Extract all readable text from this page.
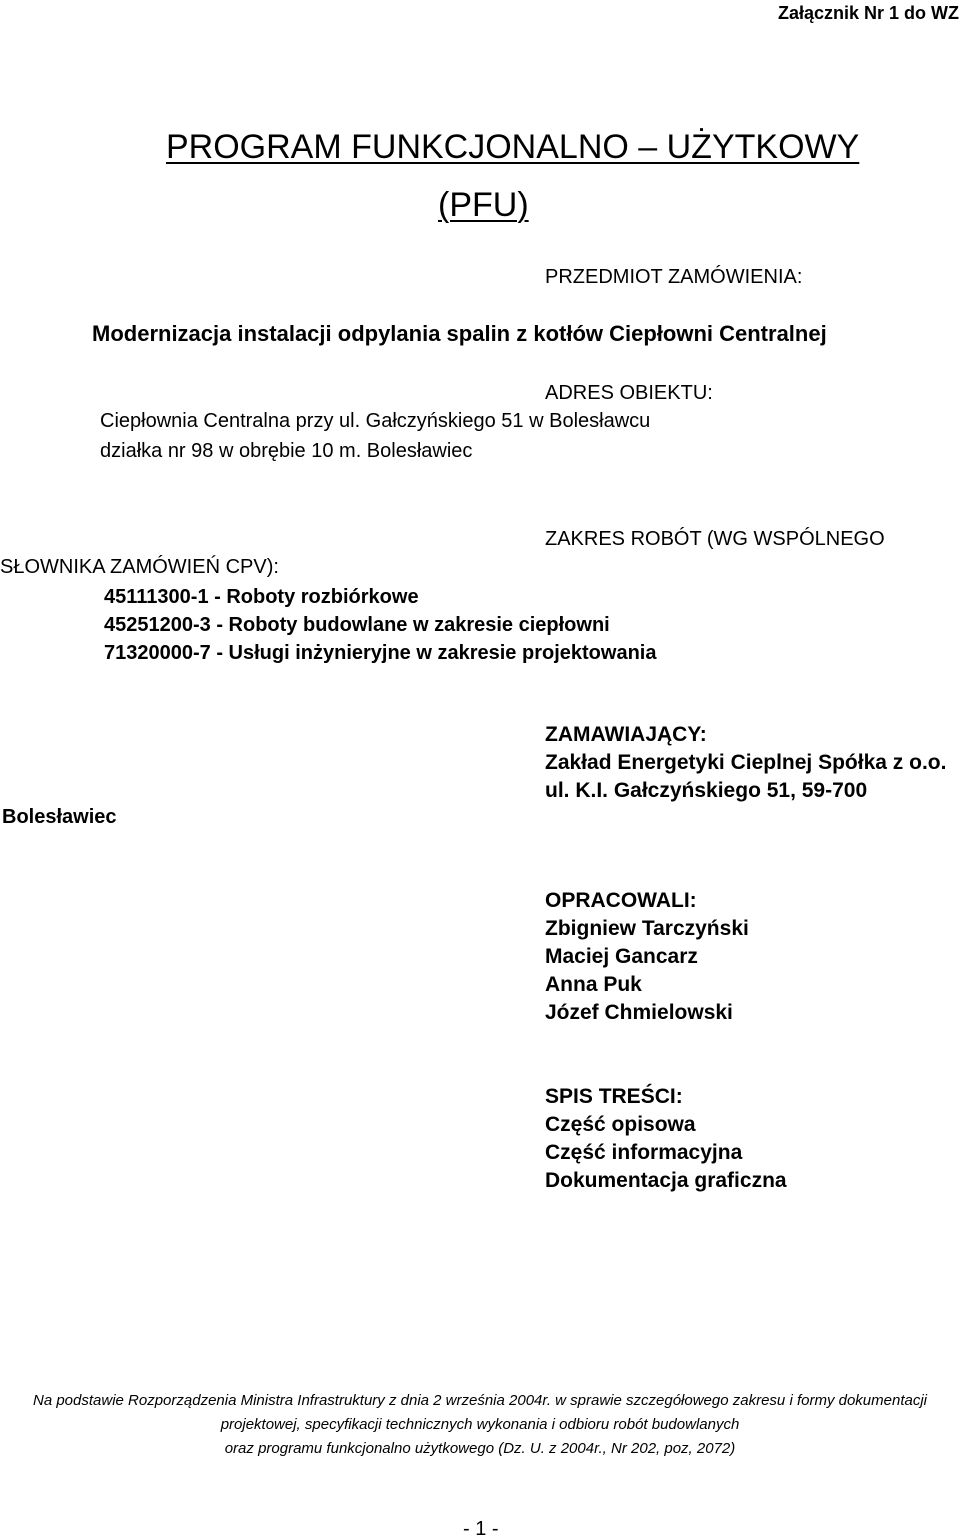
Załącznik Nr 1 do WZ
PROGRAM FUNKCJONALNO – UŻYTKOWY
(PFU)
PRZEDMIOT ZAMÓWIENIA:
Modernizacja instalacji odpylania spalin z kotłów Ciepłowni Centralnej
ADRES OBIEKTU:
Ciepłownia Centralna przy ul. Gałczyńskiego 51 w Bolesławcu
działka nr 98 w obrębie 10 m. Bolesławiec
ZAKRES ROBÓT (WG WSPÓLNEGO
SŁOWNIKA ZAMÓWIEŃ CPV):
45111300-1 - Roboty rozbiórkowe
45251200-3 - Roboty budowlane w zakresie ciepłowni
71320000-7 - Usługi inżynieryjne w zakresie projektowania
ZAMAWIAJĄCY:
Zakład Energetyki Cieplnej Spółka z o.o.
ul. K.I. Gałczyńskiego 51, 59-700
Bolesławiec
OPRACOWALI:
Zbigniew Tarczyński
Maciej Gancarz
Anna Puk
Józef Chmielowski
SPIS TREŚCI:
Część opisowa
Część informacyjna
Dokumentacja graficzna
Na podstawie Rozporządzenia Ministra Infrastruktury z dnia 2 września 2004r. w sprawie szczegółowego zakresu i formy dokumentacji
projektowej, specyfikacji technicznych wykonania i odbioru robót budowlanych
oraz programu funkcjonalno użytkowego (Dz. U. z 2004r., Nr 202, poz, 2072)
- 1 -
